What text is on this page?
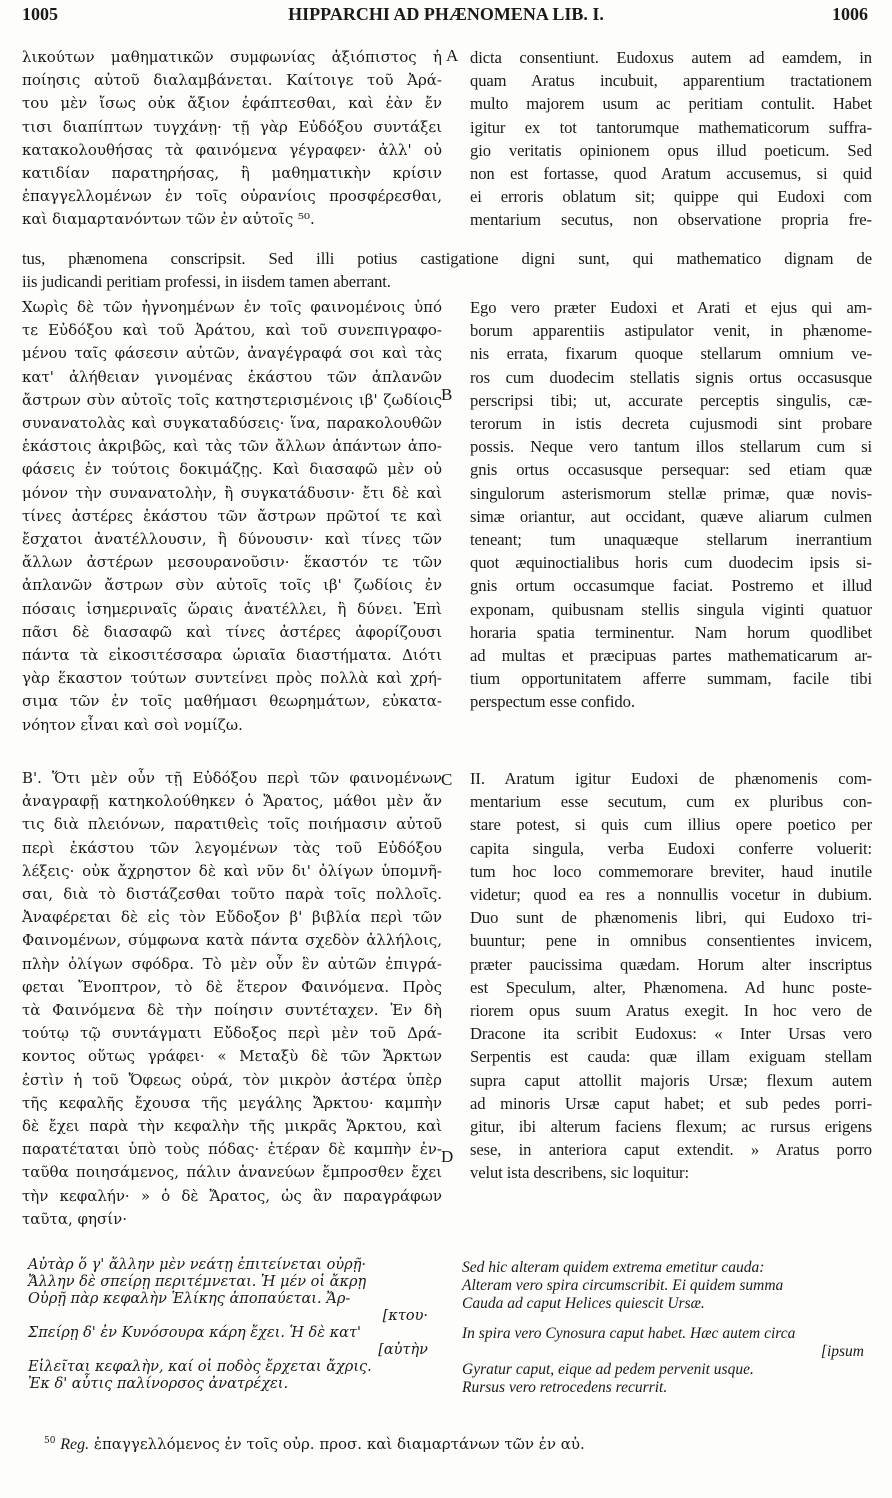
1005	HIPPARCHI AD PHÆNOMENA LIB. I.	1006
A
B
C
D
λικούτων μαθηματικῶν συμφωνίας ἀξιόπιστος ἡ
ποίησις αὐτοῦ διαλαμβάνεται. Καίτοιγε τοῦ Ἀρά-
του μὲν ἴσως οὐκ ἄξιον ἐφάπτεσθαι, καὶ ἐὰν ἔν
τισι διαπίπτων τυγχάνῃ· τῇ γὰρ Εὐδόξου συντάξει
κατακολουθήσας τὰ φαινόμενα γέγραφεν· ἀλλ' οὐ
κατιδίαν παρατηρήσας, ἢ μαθηματικὴν κρίσιν
ἐπαγγελλομένων ἐν τοῖς οὐρανίοις προσφέρεσθαι,
καὶ διαμαρτανόντων τῶν ἐν αὐτοῖς ⁵⁰.
dicta consentiunt. Eudoxus autem ad eamdem, in
quam Aratus incubuit, apparentium tractationem
multo majorem usum ac peritiam contulit. Habet
igitur ex tot tantorumque mathematicorum suffra-
gio veritatis opinionem opus illud poeticum. Sed
non est fortasse, quod Aratum accusemus, si quid
ei erroris oblatum sit; quippe qui Eudoxi com
mentarium secutus, non observatione propria fre-
tus, phænomena conscripsit. Sed illi potius castigatione digni sunt, qui mathematico dignam de
iis judicandi peritiam professi, in iisdem tamen aberrant.
Χωρὶς δὲ τῶν ἠγνοημένων ἐν τοῖς φαινομένοις ὑπό
τε Εὐδόξου καὶ τοῦ Ἀράτου, καὶ τοῦ συνεπιγραφο-
μένου ταῖς φάσεσιν αὐτῶν, ἀναγέγραφά σοι καὶ τὰς
κατ' ἀλήθειαν γινομένας ἑκάστου τῶν ἀπλανῶν
ἄστρων σὺν αὐτοῖς τοῖς κατηστερισμένοις ιβ' ζωδίοις
συνανατολὰς καὶ συγκαταδύσεις· ἵνα, παρακολουθῶν
ἑκάστοις ἀκριβῶς, καὶ τὰς τῶν ἄλλων ἁπάντων ἀπο-
φάσεις ἐν τούτοις δοκιμάζῃς. Καὶ διασαφῶ μὲν οὐ
μόνον τὴν συνανατολὴν, ἢ συγκατάδυσιν· ἔτι δὲ καὶ
τίνες ἀστέρες ἑκάστου τῶν ἄστρων πρῶτοί τε καὶ
ἔσχατοι ἀνατέλλουσιν, ἢ δύνουσιν· καὶ τίνες τῶν
ἄλλων ἀστέρων μεσουρανοῦσιν· ἕκαστόν τε τῶν
ἀπλανῶν ἄστρων σὺν αὐτοῖς τοῖς ιβ' ζωδίοις ἐν
πόσαις ἰσημεριναῖς ὥραις ἀνατέλλει, ἢ δύνει. Ἐπὶ
πᾶσι δὲ διασαφῶ καὶ τίνες ἀστέρες ἀφορίζουσι
πάντα τὰ εἰκοσιτέσσαρα ὡριαῖα διαστήματα. Διότι
γὰρ ἕκαστον τούτων συντείνει πρὸς πολλὰ καὶ χρή-
σιμα τῶν ἐν τοῖς μαθήμασι θεωρημάτων, εὐκατα-
νόητον εἶναι καὶ σοὶ νομίζω.
Ego vero præter Eudoxi et Arati et ejus qui am-
borum apparentiis astipulator venit, in phænome-
nis errata, fixarum quoque stellarum omnium ve-
ros cum duodecim stellatis signis ortus occasusque
perscripsi tibi; ut, accurate perceptis singulis, cæ-
terorum in istis decreta cujusmodi sint probare
possis. Neque vero tantum illos stellarum cum si
gnis ortus occasusque persequar: sed etiam quæ
singulorum asterismorum stellæ primæ, quæ novis-
simæ oriantur, aut occidant, quæve aliarum culmen
teneant; tum unaquæque stellarum inerrantium
quot æquinoctialibus horis cum duodecim ipsis si-
gnis ortum occasumque faciat. Postremo et illud
exponam, quibusnam stellis singula viginti quatuor
horaria spatia terminentur. Nam horum quodlibet
ad multas et præcipuas partes mathematicarum ar-
tium opportunitatem afferre summam, facile tibi
perspectum esse confido.
Β'. Ὅτι μὲν οὖν τῇ Εὐδόξου περὶ τῶν φαινομένων
ἀναγραφῇ κατηκολούθηκεν ὁ Ἄρατος, μάθοι μὲν ἄν
τις διὰ πλειόνων, παρατιθεὶς τοῖς ποιήμασιν αὐτοῦ
περὶ ἑκάστου τῶν λεγομένων τὰς τοῦ Εὐδόξου
λέξεις· οὐκ ἄχρηστον δὲ καὶ νῦν δι' ὀλίγων ὑπομνῆ-
σαι, διὰ τὸ διστάζεσθαι τοῦτο παρὰ τοῖς πολλοῖς.
Ἀναφέρεται δὲ εἰς τὸν Εὔδοξον β' βιβλία περὶ τῶν
Φαινομένων, σύμφωνα κατὰ πάντα σχεδὸν ἀλλήλοις,
πλὴν ὀλίγων σφόδρα. Τὸ μὲν οὖν ἓν αὐτῶν ἐπιγρά-
φεται Ἔνοπτρον, τὸ δὲ ἕτερον Φαινόμενα. Πρὸς
τὰ Φαινόμενα δὲ τὴν ποίησιν συντέταχεν. Ἐν δὴ
τούτῳ τῷ συντάγματι Εὔδοξος περὶ μὲν τοῦ Δρά-
κοντος οὕτως γράφει· « Μεταξὺ δὲ τῶν Ἄρκτων
ἐστὶν ἡ τοῦ Ὄφεως οὐρά, τὸν μικρὸν ἀστέρα ὑπὲρ
τῆς κεφαλῆς ἔχουσα τῆς μεγάλης Ἄρκτου· καμπὴν
δὲ ἔχει παρὰ τὴν κεφαλὴν τῆς μικρᾶς Ἄρκτου, καὶ
παρατέταται ὑπὸ τοὺς πόδας· ἑτέραν δὲ καμπὴν ἐν-
ταῦθα ποιησάμενος, πάλιν ἀνανεύων ἔμπροσθεν ἔχει
τὴν κεφαλήν· » ὁ δὲ Ἄρατος, ὡς ἂν παραγράφων
ταῦτα, φησίν·
II. Aratum igitur Eudoxi de phænomenis com-
mentarium esse secutum, cum ex pluribus con-
stare potest, si quis cum illius opere poetico per
capita singula, verba Eudoxi conferre voluerit:
tum hoc loco commemorare breviter, haud inutile
videtur; quod ea res a nonnullis vocetur in dubium.
Duo sunt de phænomenis libri, qui Eudoxo tri-
buuntur; pene in omnibus consentientes invicem,
præter paucissima quædam. Horum alter inscriptus
est Speculum, alter, Phænomena. Ad hunc poste-
riorem opus suum Aratus exegit. In hoc vero de
Dracone ita scribit Eudoxus: « Inter Ursas vero
Serpentis est cauda: quæ illam exiguam stellam
supra caput attollit majoris Ursæ; flexum autem
ad minoris Ursæ caput habet; et sub pedes porri-
gitur, ibi alterum faciens flexum; ac rursus erigens
sese, in anteriora caput extendit. » Aratus porro
velut ista describens, sic loquitur:
Αὐτὰρ ὅ γ' ἄλλην μὲν νεάτῃ ἐπιτείνεται οὐρῇ·
Ἄλλην δὲ σπείρῃ περιτέμνεται. Ἡ μέν οἱ ἄκρῃ
Οὐρῇ πὰρ κεφαλὴν Ἑλίκης ἀποπαύεται. Ἄρ-
[κτου·
Σπείρῃ δ' ἐν Κυνόσουρα κάρη ἔχει. Ἡ δὲ κατ'
[αὐτὴν
Εἱλεῖται κεφαλὴν, καί οἱ ποδὸς ἔρχεται ἄχρις.
Ἐκ δ' αὖτις παλίνορσος ἀνατρέχει.
Sed hic alteram quidem extrema emetitur cauda:
Alteram vero spira circumscribit. Ei quidem summa
Cauda ad caput Helices quiescit Ursæ.
In spira vero Cynosura caput habet. Hæc autem circa
[ipsum
Gyratur caput, eique ad pedem pervenit usque.
Rursus vero retrocedens recurrit.
$^{50}$ Reg. ἐπαγγελλόμενος ἐν τοῖς οὐρ. προσ. καὶ διαμαρτάνων τῶν ἐν αὐ.
